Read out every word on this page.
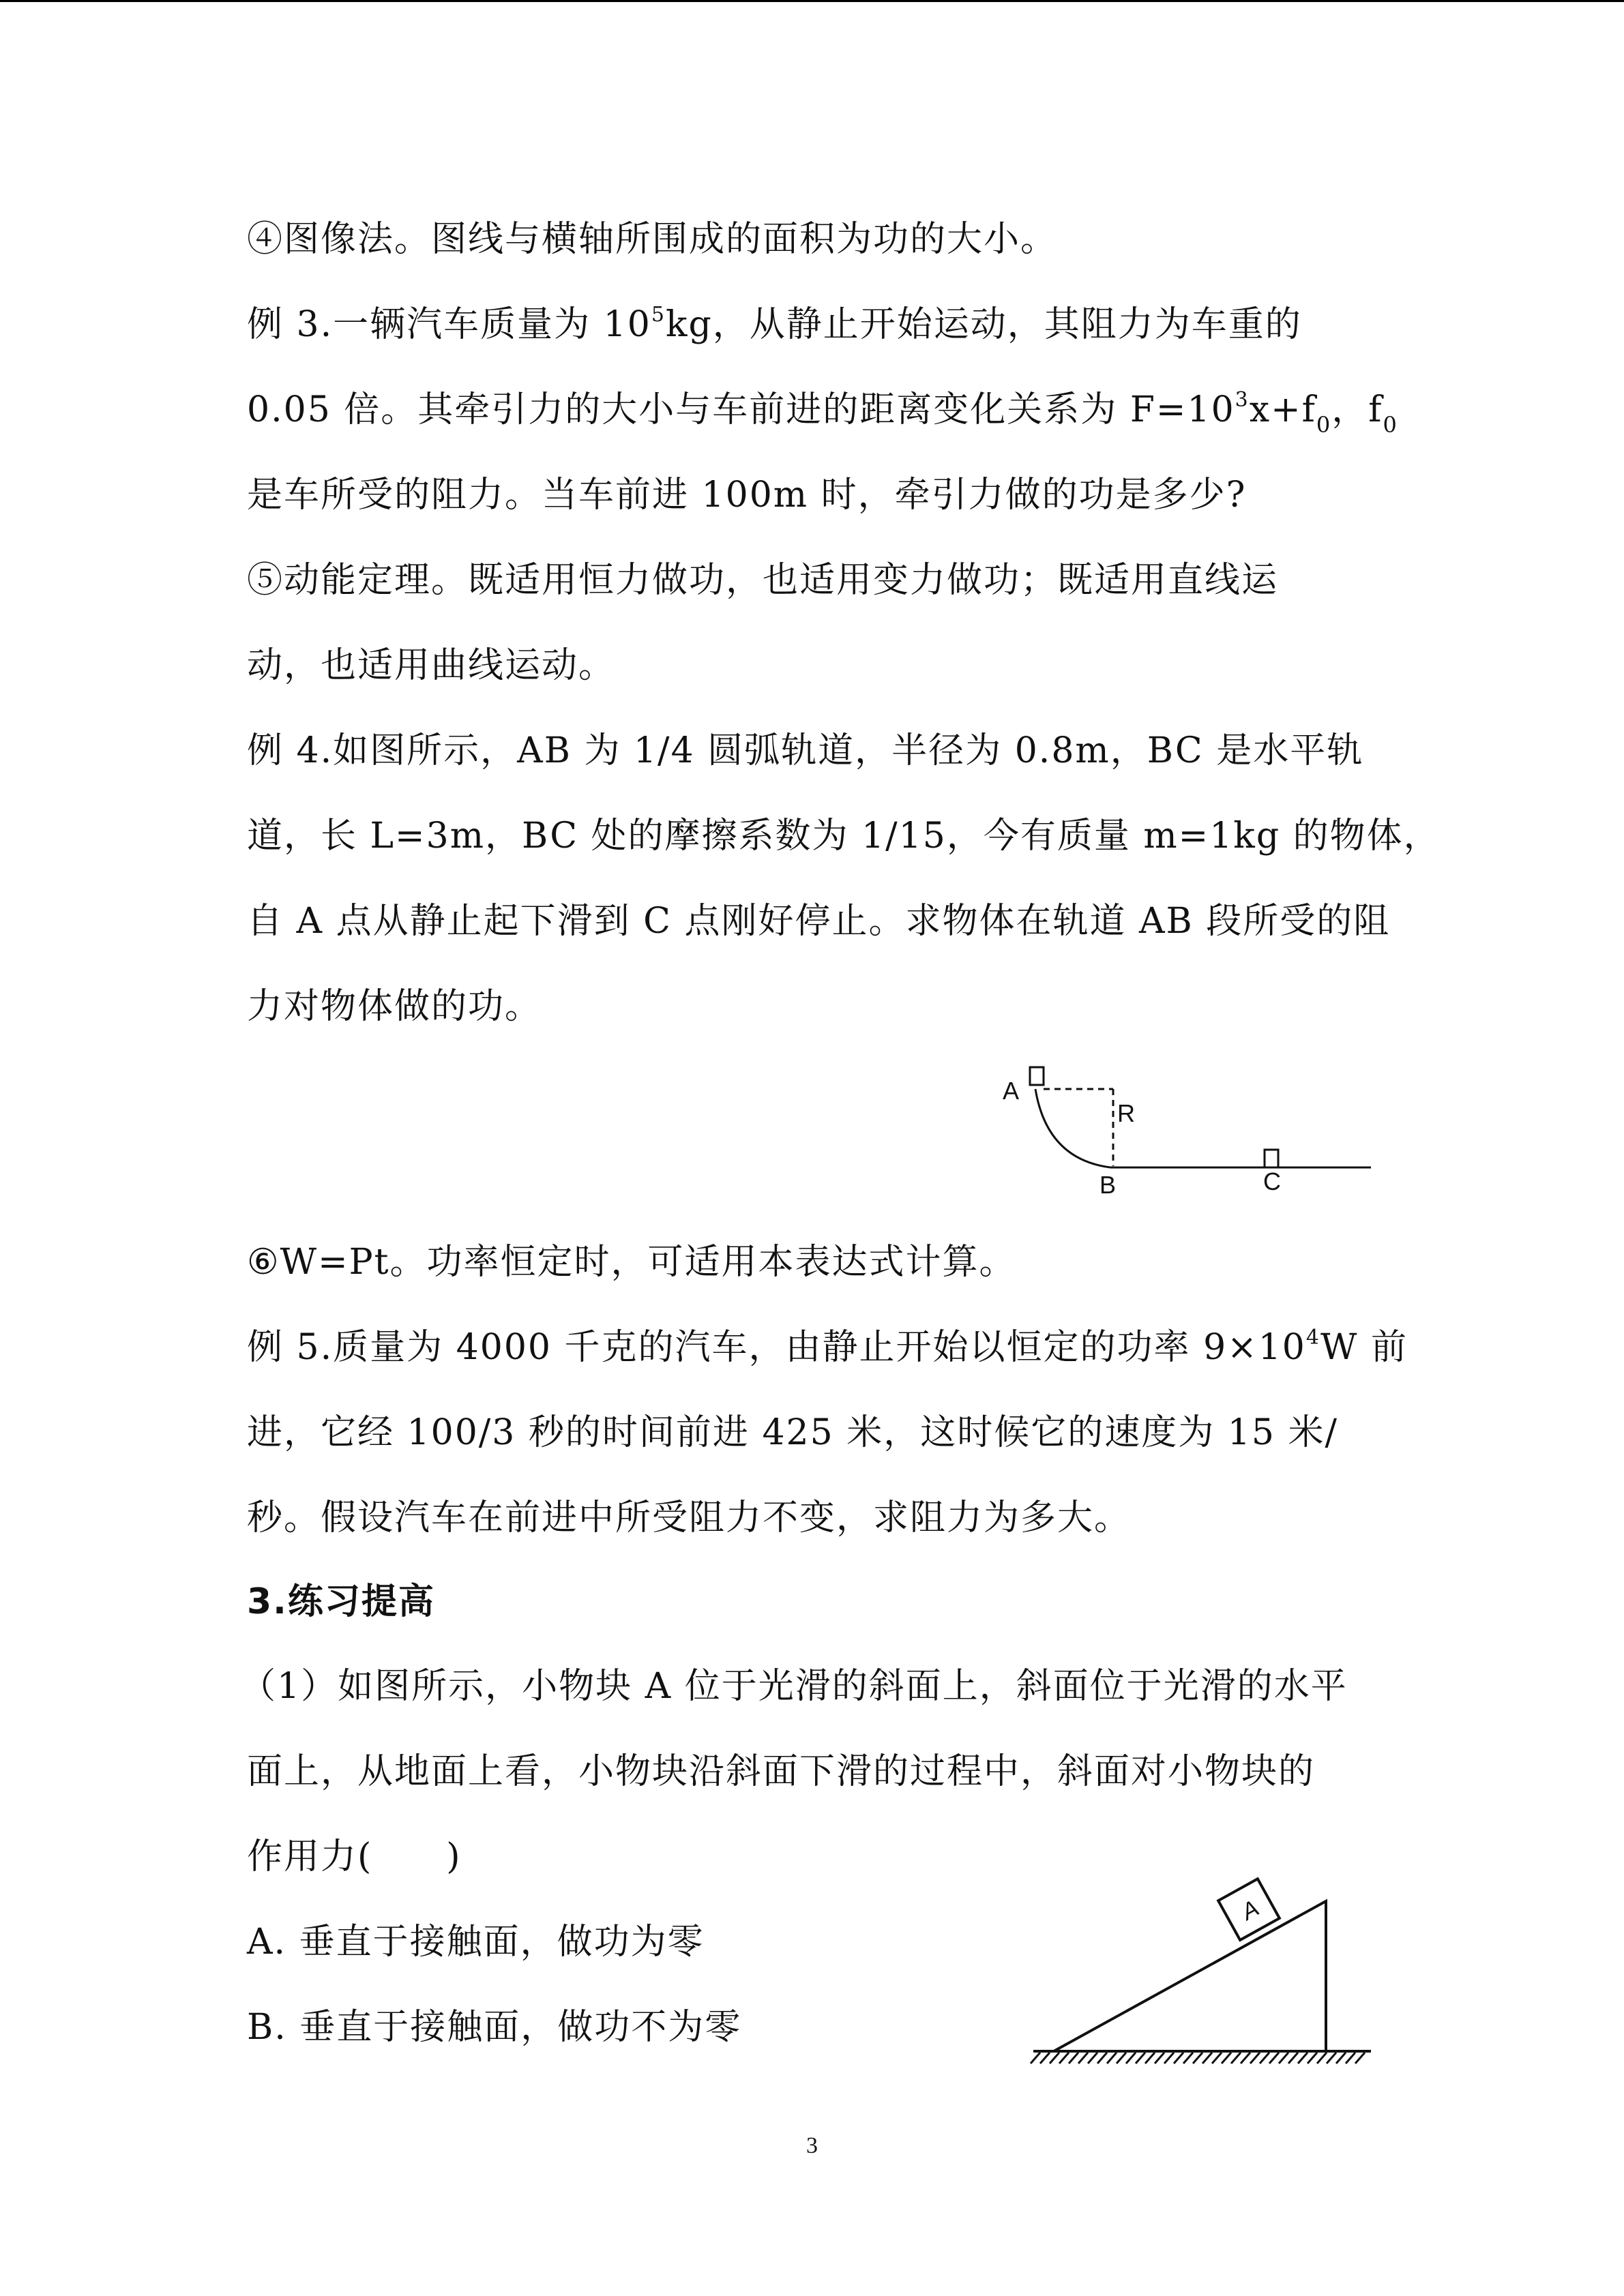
④图像法。图线与横轴所围成的面积为功的大小。
例 3.一辆汽车质量为 $10^5kg$，从静止开始运动，其阻力为车重的
0.05 倍。其牵引力的大小与车前进的距离变化关系为 $F=10^3x+f_0$，$f_0$
是车所受的阻力。当车前进 100m 时，牵引力做的功是多少?
⑤动能定理。既适用恒力做功，也适用变力做功；既适用直线运
动，也适用曲线运动。
例 4.如图所示，AB 为 1/4 圆弧轨道，半径为 0.8m，BC 是水平轨
道，长 L=3m，BC 处的摩擦系数为 1/15，今有质量 m=1kg 的物体，
自 A 点从静止起下滑到 C 点刚好停止。求物体在轨道 AB 段所受的阻
力对物体做的功。
A
R
B	C
A
⑥W=Pt。功率恒定时，可适用本表达式计算。
例 5.质量为 4000 千克的汽车，由静止开始以恒定的功率 $9\times 10^4W$ 前
进，它经 100/3 秒的时间前进 425 米，这时候它的速度为 15 米/
秒。假设汽车在前进中所受阻力不变，求阻力为多大。
3.练习提高
（1）如图所示，小物块 A 位于光滑的斜面上，斜面位于光滑的水平
面上，从地面上看，小物块沿斜面下滑的过程中，斜面对小物块的
作用力(　　)
A. 垂直于接触面，做功为零
B. 垂直于接触面，做功不为零
3
